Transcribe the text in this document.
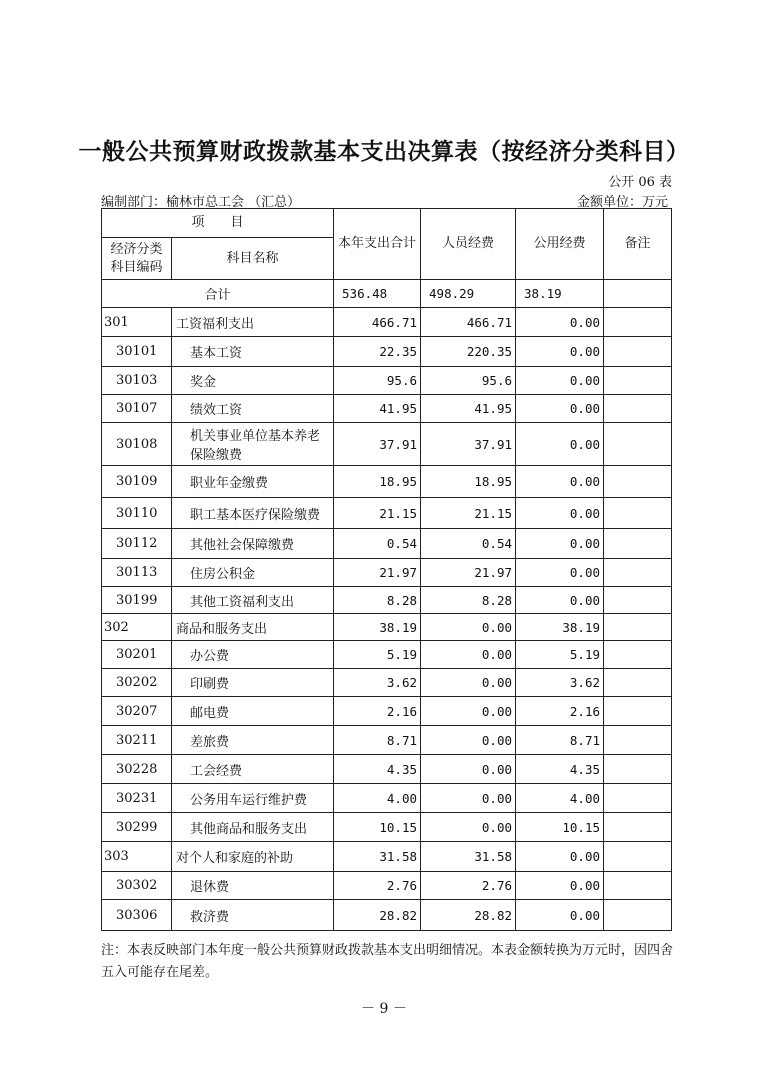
一般公共预算财政拨款基本支出决算表（按经济分类科目）
公开 06 表
编制部门：榆林市总工会 （汇总）	金额单位：万元
项　　目		本年支出合计	人员经费	公用经费	备注
经济分类科目编码	科目名称				
合计		536.48	498.29	38.19	
301	工资福利支出	466.71	466.71	0.00	
30101	基本工资	22.35	220.35	0.00	
30103	奖金	95.6	95.6	0.00	
30107	绩效工资	41.95	41.95	0.00	
30108	机关事业单位基本养老保险缴费	37.91	37.91	0.00	
30109	职业年金缴费	18.95	18.95	0.00	
30110	职工基本医疗保险缴费	21.15	21.15	0.00	
30112	其他社会保障缴费	0.54	0.54	0.00	
30113	住房公积金	21.97	21.97	0.00	
30199	其他工资福利支出	8.28	8.28	0.00	
302	商品和服务支出	38.19	0.00	38.19	
30201	办公费	5.19	0.00	5.19	
30202	印刷费	3.62	0.00	3.62	
30207	邮电费	2.16	0.00	2.16	
30211	差旅费	8.71	0.00	8.71	
30228	工会经费	4.35	0.00	4.35	
30231	公务用车运行维护费	4.00	0.00	4.00	
30299	其他商品和服务支出	10.15	0.00	10.15	
303	对个人和家庭的补助	31.58	31.58	0.00	
30302	退休费	2.76	2.76	0.00	
30306	救济费	28.82	28.82	0.00	
注：本表反映部门本年度一般公共预算财政拨款基本支出明细情况。本表金额转换为万元时，因四舍五入可能存在尾差。
－ 9 －
